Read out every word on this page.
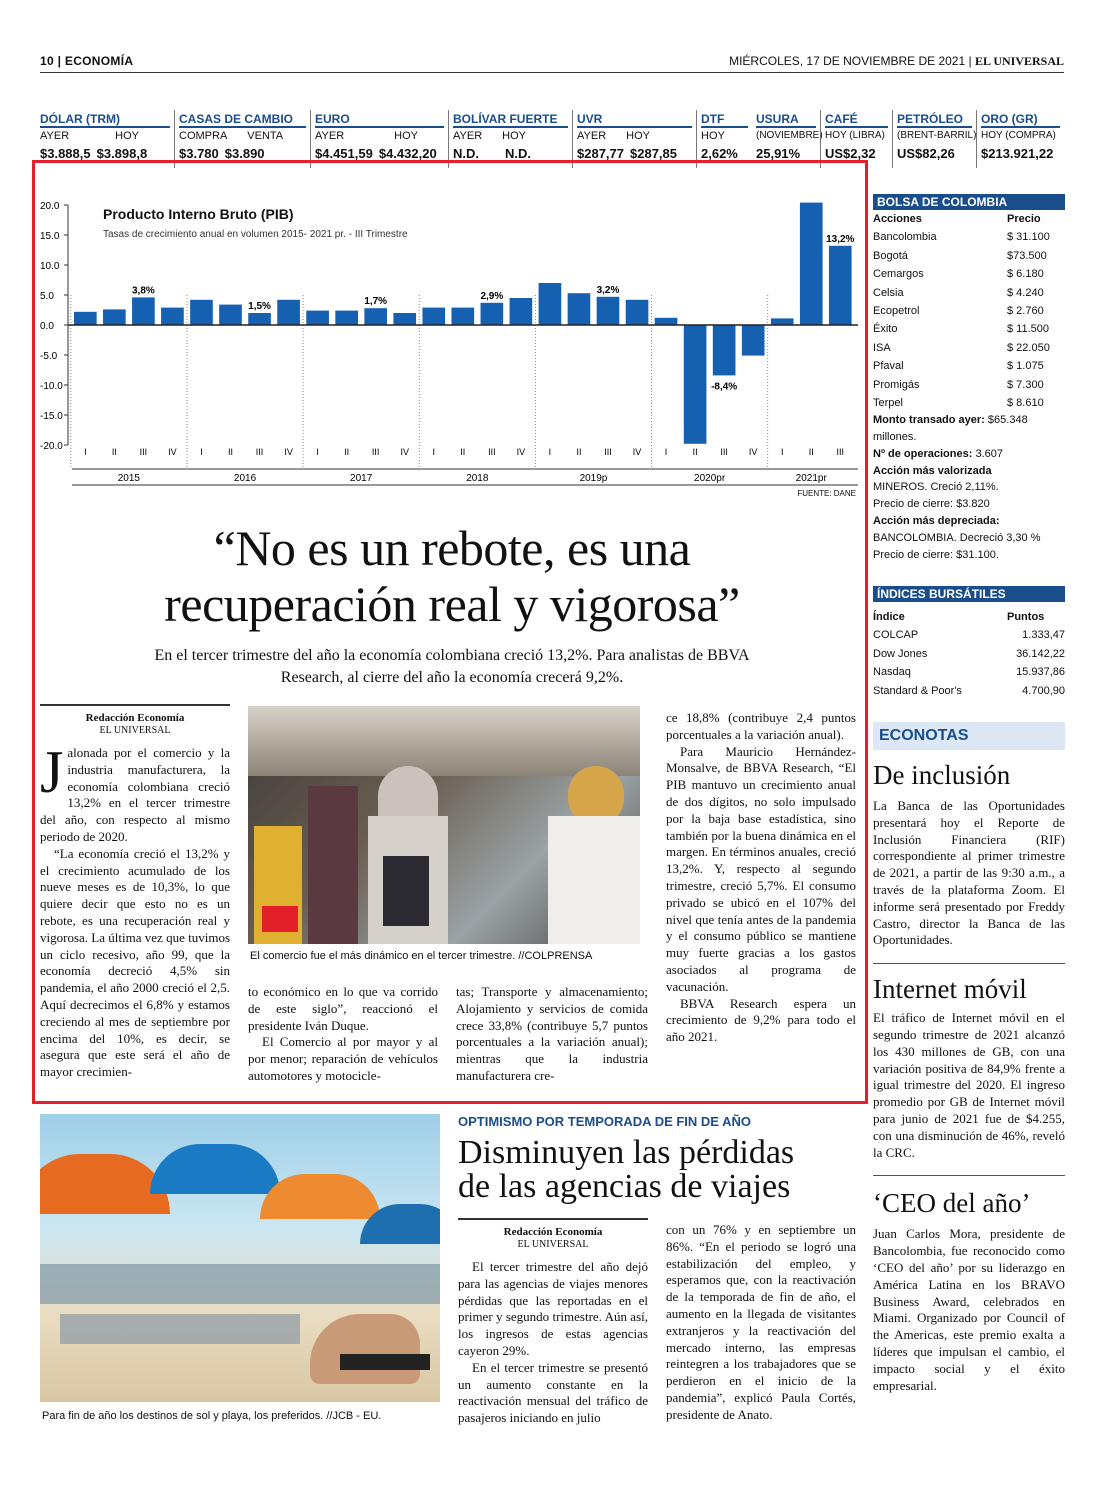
10 | ECONOMÍA	MIÉRCOLES, 17 DE NOVIEMBRE DE 2021 | EL UNIVERSAL
DÓLAR (TRM)
AYER	HOY
$3.888,5 $3.898,8
CASAS DE CAMBIO
COMPRA VENTA
$3.780 $3.890
EURO
AYER	HOY
$4.451,59 $4.432,20
BOLÍVAR FUERTE
AYER HOY
N.D. N.D.
UVR
AYER HOY
$287,77 $287,85
DTF
HOY
2,62%
USURA
(NOVIEMBRE)
25,91%
CAFÉ
HOY (LIBRA)
US$2,32
PETRÓLEO
(BRENT-BARRIL)
US$82,26
ORO (GR)
HOY (COMPRA)
$213.921,22
20.0
15.0
10.0
5.0
0.0
-5.0
-10.0
-15.0
-20.0
2015	2016	2017	2018	2019p	2020pr	2021pr
I	II	III IV	I	II	III IV	I	II	III IV	I	II	III IV	I	II	III IV	I	II	III IV	I	II	III
3,8%
1,5%	1,7%	2,9%
3,2%
-8,4%
13,2%
Producto Interno Bruto (PIB)
Tasas de crecimiento anual en volumen 2015- 2021 pr. - III Trimestre
FUENTE: DANE
“No es un rebote, es una
recuperación real y vigorosa”
En el tercer trimestre del año la economía colombiana creció 13,2%. Para analistas de BBVA
Research, al cierre del año la economía crecerá 9,2%.
Redacción Economía
EL UNIVERSAL
Jalonada por el comercio y la industria manufacturera, la economía colombiana creció 13,2% en el tercer trimestre del año, con respecto al mismo periodo de 2020.
“La economía creció el 13,2% y el crecimiento acumulado de los nueve meses es de 10,3%, lo que quiere decir que esto no es un rebote, es una recuperación real y vigorosa. La última vez que tuvimos un ciclo recesivo, año 99, que la economía decreció 4,5% sin pandemia, el año 2000 creció el 2,5. Aquí decrecimos el 6,8% y estamos creciendo al mes de septiembre por encima del 10%, es decir, se asegura que este será el año de mayor crecimien-
El comercio fue el más dinámico en el tercer trimestre. //COLPRENSA
to económico en lo que va corrido de este siglo”, reaccionó el presidente Iván Duque.
El Comercio al por mayor y al por menor; reparación de vehículos automotores y motocicle-
tas; Transporte y almacenamiento; Alojamiento y servicios de comida crece 33,8% (contribuye 5,7 puntos porcentuales a la variación anual); mientras que la industria manufacturera cre-
ce 18,8% (contribuye 2,4 puntos porcentuales a la variación anual).
Para Mauricio Hernández-Monsalve, de BBVA Research, “El PIB mantuvo un crecimiento anual de dos dígitos, no solo impulsado por la baja base estadística, sino también por la buena dinámica en el margen. En términos anuales, creció 13,2%. Y, respecto al segundo trimestre, creció 5,7%. El consumo privado se ubicó en el 107% del nivel que tenía antes de la pandemia y el consumo público se mantiene muy fuerte gracias a los gastos asociados al programa de vacunación.
BBVA Research espera un crecimiento de 9,2% para todo el año 2021.
BOLSA DE COLOMBIA
Acciones	Precio
Bancolombia	$ 31.100
Bogotá	$73.500
Cemargos	$ 6.180
Celsia	$ 4.240
Ecopetrol	$ 2.760
Éxito	$ 11.500
ISA	$ 22.050
Pfaval	$ 1.075
Promigás	$ 7.300
Terpel	$ 8.610
Monto transado ayer: $65.348 millones.
Nº de operaciones: 3.607
Acción más valorizada
MINEROS. Creció 2,11%.
Precio de cierre: $3.820
Acción más depreciada:
BANCOLOMBIA. Decreció 3,30 %
Precio de cierre: $31.100.
ÍNDICES BURSÁTILES
Índice	Puntos
COLCAP	1.333,47
Dow Jones	36.142,22
Nasdaq	15.937,86
Standard & Poor's	4.700,90
ECONOTAS
De inclusión
La Banca de las Oportunidades presentará hoy el Reporte de Inclusión Financiera (RIF) correspondiente al primer trimestre de 2021, a partir de las 9:30 a.m., a través de la plataforma Zoom. El informe será presentado por Freddy Castro, director la Banca de las Oportunidades.
Internet móvil
El tráfico de Internet móvil en el segundo trimestre de 2021 alcanzó los 430 millones de GB, con una variación positiva de 84,9% frente a igual trimestre del 2020. El ingreso promedio por GB de Internet móvil para junio de 2021 fue de $4.255, con una disminución de 46%, reveló la CRC.
‘CEO del año’
Juan Carlos Mora, presidente de Bancolombia, fue reconocido como ‘CEO del año’ por su liderazgo en América Latina en los BRAVO Business Award, celebrados en Miami. Organizado por Council of the Americas, este premio exalta a líderes que impulsan el cambio, el impacto social y el éxito empresarial.
Para fin de año los destinos de sol y playa, los preferidos. //JCB - EU.
OPTIMISMO POR TEMPORADA DE FIN DE AÑO
Disminuyen las pérdidas
de las agencias de viajes
Redacción Economía
EL UNIVERSAL
El tercer trimestre del año dejó para las agencias de viajes menores pérdidas que las reportadas en el primer y segundo trimestre. Aún así, los ingresos de estas agencias cayeron 29%.
En el tercer trimestre se presentó un aumento constante en la reactivación mensual del tráfico de pasajeros iniciando en julio
con un 76% y en septiembre un 86%. “En el periodo se logró una estabilización del empleo, y esperamos que, con la reactivación de la temporada de fin de año, el aumento en la llegada de visitantes extranjeros y la reactivación del mercado interno, las empresas reintegren a los trabajadores que se perdieron en el inicio de la pandemia”, explicó Paula Cortés, presidente de Anato.
